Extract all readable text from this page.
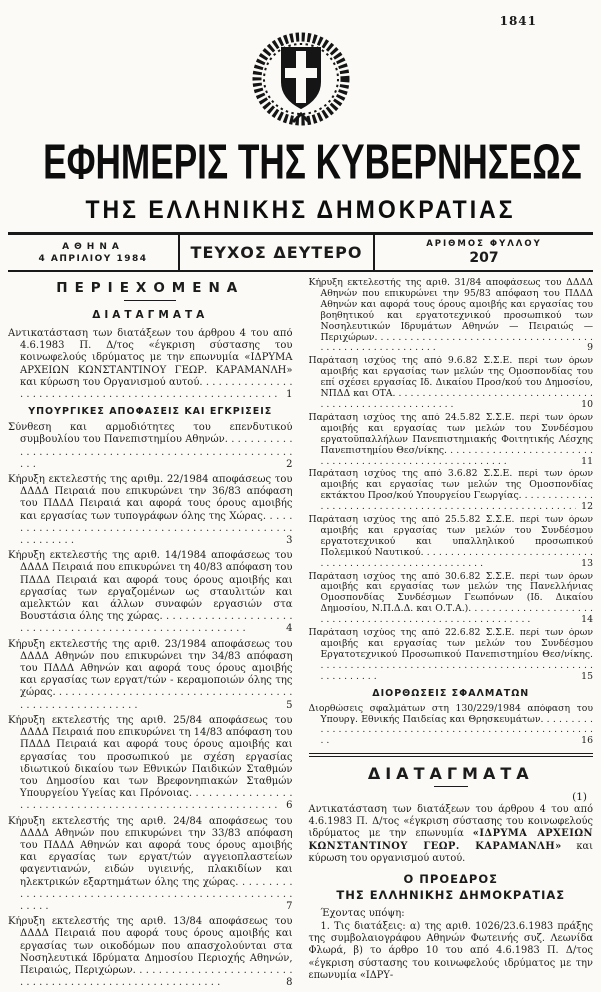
1841
ΕΦΗΜΕΡΙΣ ΤΗΣ ΚΥΒΕΡΝΗΣΕΩΣ
ΤΗΣ ΕΛΛΗΝΙΚΗΣ ΔΗΜΟΚΡΑΤΙΑΣ
ΑΘΗΝΑ
4 ΑΠΡΙΛΙΟΥ 1984	ΤΕΥΧΟΣ ΔΕΥΤΕΡΟ	ΑΡΙΘΜΟΣ ΦΥΛΛΟΥ
207
ΠΕΡΙΕΧΟΜΕΝΑ
ΔΙΑΤΑΓΜΑΤΑ
Αντικατάσταση των διατάξεων του άρθρου 4 του από 4.6.1983 Π. Δ/τος «έγκριση σύστασης του κοινωφελούς ιδρύματος με την επωνυμία «ΙΔΡΥΜΑ ΑΡΧΕΙΩΝ ΚΩΝΣΤΑΝΤΙΝΟΥ ΓΕΩΡ. ΚΑΡΑΜΑΝΛΗ» και κύρωση του Οργανισμού αυτού. . . .
1
ΥΠΟΥΡΓΙΚΕΣ ΑΠΟΦΑΣΕΙΣ ΚΑΙ ΕΓΚΡΙΣΕΙΣ
Σύνθεση και αρμοδιότητες του επενδυτικού συμβουλίου του Πανεπιστημίου Αθηνών. . . .
2
Κήρυξη εκτελεστής της αριθμ. 22/1984 αποφάσεως του ΔΔΔΔ Πειραιά που επικυρώνει την 36/83 απόφαση του ΠΔΔΔ Πειραιά και αφορά τους όρους αμοιβής και εργασίας των τυπογράφων όλης της Χώρας. . . .
3
Κήρυξη εκτελεστής της αριθ. 14/1984 αποφάσεως του ΔΔΔΔ Πειραιά που επικυρώνει τη 40/83 απόφαση του ΠΔΔΔ Πειραιά και αφορά τους όρους αμοιβής και εργασίας των εργαζομένων ως σταυλιτών και αμελκτών και άλλων συναφών εργασιών στα Βουστάσια όλης της χώρας. . . .
4
Κήρυξη εκτελεστής της αριθ. 23/1984 αποφάσεως του ΔΔΔΔ Αθηνών που επικυρώνει την 34/83 απόφαση του ΠΔΔΔ Αθηνών και αφορά τους όρους αμοιβής και εργασίας των εργατ/τών - κεραμοποιών όλης της χώρας. . . .
5
Κήρυξη εκτελεστής της αριθ. 25/84 αποφάσεως του ΔΔΔΔ Πειραιά που επικυρώνει τη 14/83 απόφαση του ΠΔΔΔ Πειραιά και αφορά τους όρους αμοιβής και εργασίας του προσωπικού με σχέση εργασίας ιδιωτικού δικαίου των Εθνικών Παιδικών Σταθμών του Δημοσίου και των Βρεφονηπιακών Σταθμών Υπουργείου Υγείας και Πρόνοιας. . . .
6
Κήρυξη εκτελεστής της αριθ. 24/84 αποφάσεως του ΔΔΔΔ Αθηνών που επικυρώνει την 33/83 απόφαση του ΠΔΔΔ Αθηνών και αφορά τους όρους αμοιβής και εργασίας των εργατ/τών αγγειοπλαστείων φαγεντιανών, ειδών υγιεινής, πλακιδίων και ηλεκτρικών εξαρτημάτων όλης της χώρας. . . .
7
Κήρυξη εκτελεστής της αριθ. 13/84 αποφάσεως του ΔΔΔΔ Πειραιά που αφορά τους όρους αμοιβής και εργασίας των οικοδόμων που απασχολούνται στα Νοσηλευτικά Ιδρύματα Δημοσίου Περιοχής Αθηνών, Πειραιώς, Περιχώρων. . . .
8
Κήρυξη εκτελεστής της αριθ. 31/84 αποφάσεως του ΔΔΔΔ Αθηνών που επικυρώνει την 95/83 απόφαση του ΠΔΔΔ Αθηνών και αφορά τους όρους αμοιβής και εργασίας του βοηθητικού και εργατοτεχνικού προσωπικού των Νοσηλευτικών Ιδρυμάτων Αθηνών — Πειραιώς — Περιχώρων. . . .
9
Παράταση ισχύος της από 9.6.82 Σ.Σ.Ε. περί των όρων αμοιβής και εργασίας των μελών της Ομοσπονδίας του επί σχέσει εργασίας Ιδ. Δικαίου Προσ/κού του Δημοσίου, ΝΠΔΔ και ΟΤΑ. . . .
10
Παράταση ισχύος της από 24.5.82 Σ.Σ.Ε. περί των όρων αμοιβής και εργασίας των μελών του Συνδέσμου εργατοϋπαλλήλων Πανεπιστημιακής Φοιτητικής Λέσχης Πανεπιστημίου Θεσ/νίκης. . . .
11
Παράταση ισχύος της από 3.6.82 Σ.Σ.Ε. περί των όρων αμοιβής και εργασίας των μελών της Ομοσπονδίας εκτάκτου Προσ/κού Υπουργείου Γεωργίας. . . .
12
Παράταση ισχύος της από 25.5.82 Σ.Σ.Ε. περί των όρων αμοιβής και εργασίας των μελών του Συνδέσμου εργατοτεχνικού και υπαλληλικού προσωπικού Πολεμικού Ναυτικού. . . .
13
Παράταση ισχύος της από 30.6.82 Σ.Σ.Ε. περί των όρων αμοιβής και εργασίας των μελών της Πανελλήνιας Ομοσπονδίας Συνδέσμων Γεωπόνων (Ιδ. Δικαίου Δημοσίου, Ν.Π.Δ.Δ. και Ο.Τ.Α.). . . .
14
Παράταση ισχύος της από 22.6.82 Σ.Σ.Ε. περί των όρων αμοιβής και εργασίας των μελών του Συνδέσμου Εργατοτεχνικού Προσωπικού Πανεπιστημίου Θεσ/νίκης. . . .
15
ΔΙΟΡΘΩΣΕΙΣ ΣΦΑΛΜΑΤΩΝ
Διορθώσεις σφαλμάτων στη 130/229/1984 απόφαση του Υπουργ. Εθνικής Παιδείας και Θρησκευμάτων. . . .
16
ΔΙΑΤΑΓΜΑΤΑ
(1)

Αντικατάσταση των διατάξεων του άρθρου 4 του από 4.6.1983 Π. Δ/τος «έγκριση σύστασης του κοινωφελούς ιδρύματος με την επωνυμία «ΙΔΡΥΜΑ ΑΡΧΕΙΩΝ ΚΩΝΣΤΑΝΤΙΝΟΥ ΓΕΩΡ. ΚΑΡΑΜΑΝΛΗ» και κύρωση του οργανισμού αυτού.

Ο ΠΡΟΕΔΡΟΣ
ΤΗΣ ΕΛΛΗΝΙΚΗΣ ΔΗΜΟΚΡΑΤΙΑΣ
Έχοντας υπόψη:

1. Τις διατάξεις: α) της αριθ. 1026/23.6.1983 πράξης της συμβολαιογράφου Αθηνών Φωτεινής συζ. Λεωνίδα Φλωρά, β) το άρθρο 10 του από 4.6.1983 Π. Δ/τος «έγκριση σύστασης του κοινωφελούς ιδρύματος με την επωνυμία «ΙΔΡΥ-
